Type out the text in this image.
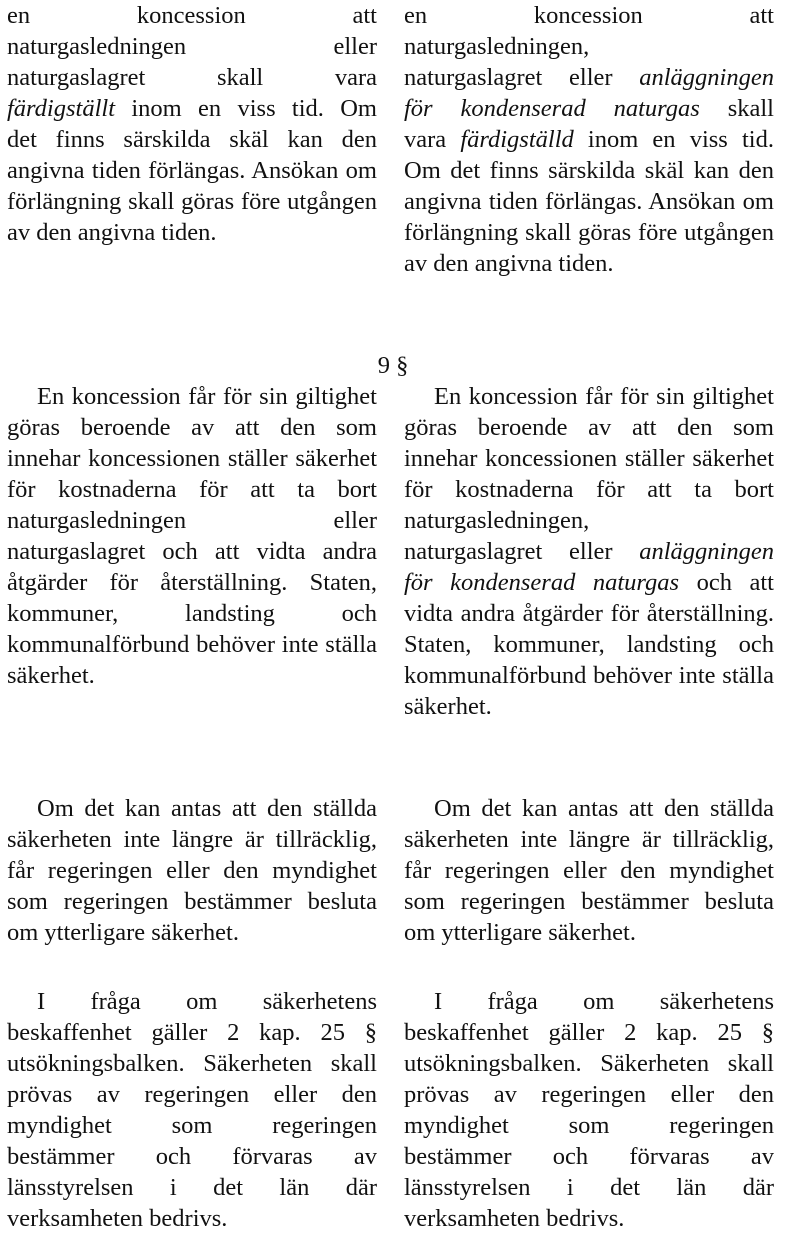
en koncession att
naturgasledningen eller
naturgaslagret skall vara
färdigställt inom en viss tid. Om
det finns särskilda skäl kan den angivna tiden förlängas. Ansökan om förlängning skall göras före utgången av den angivna tiden.
en koncession att
naturgasledningen,
naturgaslagret eller anläggningen
för kondenserad naturgas skall
vara färdigställd inom en viss tid.
Om det finns särskilda skäl kan den angivna tiden förlängas. Ansökan om förlängning skall göras före utgången av den angivna tiden.

9 §

En koncession får för sin giltighet göras beroende av att den som innehar koncessionen ställer säkerhet för kostnaderna för att ta bort naturgasledningen eller naturgaslagret och att vidta andra åtgärder för återställning. Staten, kommuner, landsting och kommunalförbund behöver inte ställa säkerhet.

En koncession får för sin giltighet göras beroende av att den som innehar koncessionen ställer säkerhet för kostnaderna för att ta bort
naturgasledningen,
naturgaslagret eller anläggningen
för kondenserad naturgas och att vidta andra åtgärder för återställning. Staten, kommuner, landsting och kommunalförbund behöver inte ställa säkerhet.

Om det kan antas att den ställda säkerheten inte längre är tillräcklig, får regeringen eller den myndighet som regeringen bestämmer besluta om ytterligare säkerhet.

Om det kan antas att den ställda säkerheten inte längre är tillräcklig, får regeringen eller den myndighet som regeringen bestämmer besluta om ytterligare säkerhet.

I fråga om säkerhetens beskaffenhet gäller 2 kap. 25 § utsökningsbalken. Säkerheten skall prövas av regeringen eller den myndighet som regeringen bestämmer och förvaras av länsstyrelsen i det län där verksamheten bedrivs.

I fråga om säkerhetens beskaffenhet gäller 2 kap. 25 § utsökningsbalken. Säkerheten skall prövas av regeringen eller den myndighet som regeringen bestämmer och förvaras av länsstyrelsen i det län där verksamheten bedrivs.
